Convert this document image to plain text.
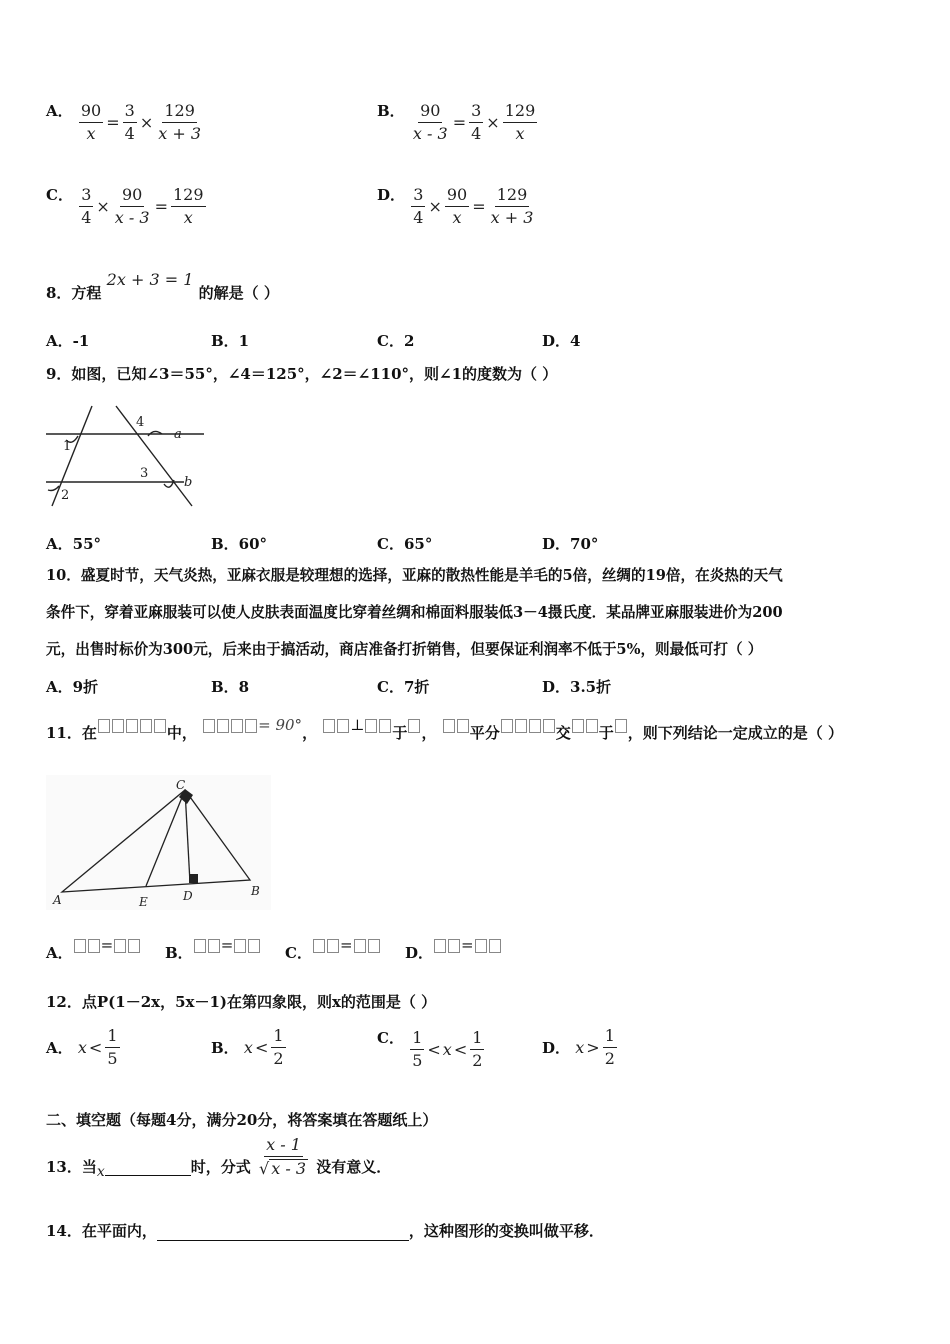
A． $\frac{90}{x} = \frac{3}{4} \times \frac{129}{x + 3}$	B． $\frac{90}{x - 3} = \frac{3}{4} \times \frac{129}{x}$
C． $\frac{3}{4} \times \frac{90}{x - 3} = \frac{129}{x}$	D． $\frac{3}{4} \times \frac{90}{x} = \frac{129}{x + 3}$
8．方程 2x + 3 = 1 的解是（ ）
A．-1	B．1	C．2	D．4
9．如图，已知∠3＝55°，∠4＝125°，∠2＝∠110°，则∠1的度数为（ ）
a
b
1
2
3
4
A．55°	B．60°	C．65°	D．70°
10．盛夏时节，天气炎热，亚麻衣服是较理想的选择，亚麻的散热性能是羊毛的5倍，丝绸的19倍，在炎热的天气
条件下，穿着亚麻服装可以使人皮肤表面温度比穿着丝绸和棉面料服装低3－4摄氏度．某品牌亚麻服装进价为200
元，出售时标价为300元，后来由于搞活动，商店准备打折销售，但要保证利润率不低于5%，则最低可打（ ）
A．9折	B．8	C．7折	D．3.5折
11．在	中，	= 90°， ⊥ 于 ， 平分	交 于 ，则下列结论一定成立的是（ ）
C
A
B
D
E
A． =	B． =	C． =	D． =
12．点P(1－2x，5x－1)在第四象限，则x的范围是（ ）
A． $x < \frac{1}{5}$	B． $x < \frac{1}{2}$	C． $\frac{1}{5} < x < \frac{1}{2}$	D． $x > \frac{1}{2}$
二、填空题（每题4分，满分20分，将答案填在答题纸上）
13．当x	时，分式 $\frac{x - 1}{√ x - 3}$ 没有意义．
14．在平面内，	，这种图形的变换叫做平移．
